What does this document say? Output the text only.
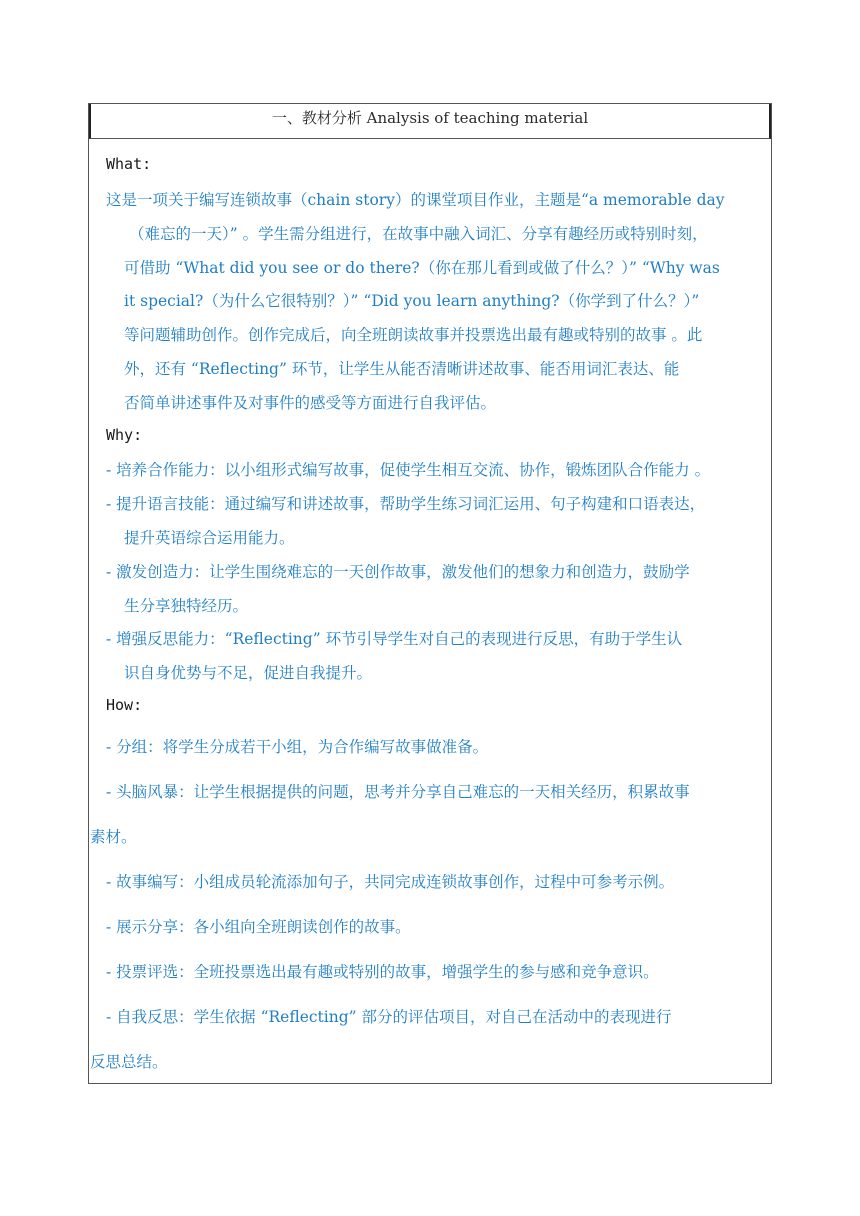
一、教材分析 Analysis of teaching material
What:
这是一项关于编写连锁故事（chain story）的课堂项目作业，主题是“a memorable day
（难忘的一天）” 。学生需分组进行，在故事中融入词汇、分享有趣经历或特别时刻，
可借助 “What did you see or do there?（你在那儿看到或做了什么？）” “Why was
it special?（为什么它很特别？）” “Did you learn anything?（你学到了什么？）”
等问题辅助创作。创作完成后，向全班朗读故事并投票选出最有趣或特别的故事 。此
外，还有 “Reflecting” 环节，让学生从能否清晰讲述故事、能否用词汇表达、能
否简单讲述事件及对事件的感受等方面进行自我评估。
Why:
- 培养合作能力：以小组形式编写故事，促使学生相互交流、协作，锻炼团队合作能力 。
- 提升语言技能：通过编写和讲述故事，帮助学生练习词汇运用、句子构建和口语表达，
提升英语综合运用能力。
- 激发创造力：让学生围绕难忘的一天创作故事，激发他们的想象力和创造力，鼓励学
生分享独特经历。
- 增强反思能力：“Reflecting” 环节引导学生对自己的表现进行反思，有助于学生认
识自身优势与不足，促进自我提升。
How:
- 分组：将学生分成若干小组，为合作编写故事做准备。
- 头脑风暴：让学生根据提供的问题，思考并分享自己难忘的一天相关经历，积累故事
素材。
- 故事编写：小组成员轮流添加句子，共同完成连锁故事创作，过程中可参考示例。
- 展示分享：各小组向全班朗读创作的故事。
- 投票评选：全班投票选出最有趣或特别的故事，增强学生的参与感和竞争意识。
- 自我反思：学生依据 “Reflecting” 部分的评估项目，对自己在活动中的表现进行
反思总结。
